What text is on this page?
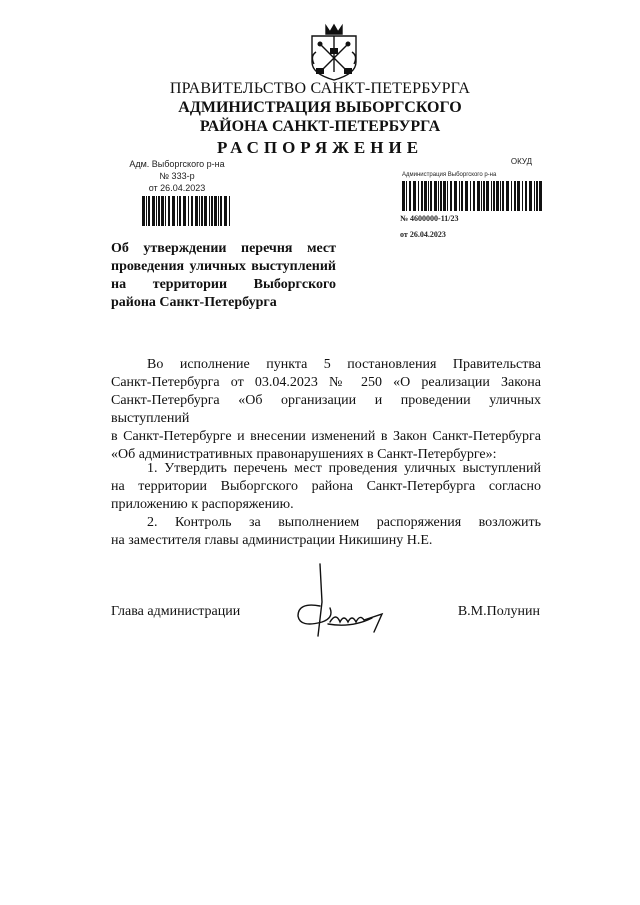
ПРАВИТЕЛЬСТВО САНКТ-ПЕТЕРБУРГА
АДМИНИСТРАЦИЯ ВЫБОРГСКОГО
РАЙОНА САНКТ-ПЕТЕРБУРГА
РАСПОРЯЖЕНИЕ
Адм. Выборгского р-на
№ 333-р
от 26.04.2023
ОКУД
Администрация Выборгского р-на
№ 4600000-11/23
от 26.04.2023
Об утверждении перечня мест
проведения уличных выступлений
на территории Выборгского
района Санкт-Петербурга
Во исполнение пункта 5 постановления Правительства
Санкт-Петербурга от 03.04.2023 № 250 «О реализации Закона
Санкт-Петербурга «Об организации и проведении уличных выступлений
в Санкт-Петербурге и внесении изменений в Закон Санкт-Петербурга
«Об административных правонарушениях в Санкт-Петербурге»:
1. Утвердить перечень мест проведения уличных выступлений
на территории Выборгского района Санкт-Петербурга согласно
приложению к распоряжению.
2. Контроль за выполнением распоряжения возложить
на заместителя главы администрации Никишину Н.Е.
Глава администрации	В.М.Полунин
